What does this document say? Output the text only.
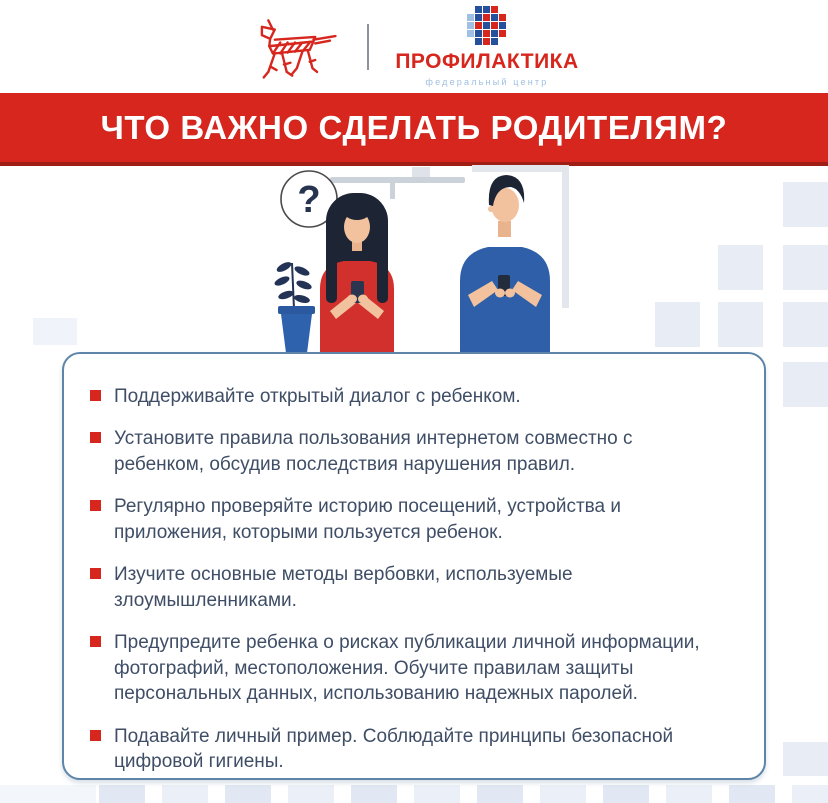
ПРОФИЛАКТИКА
федеральный центр
ЧТО ВАЖНО СДЕЛАТЬ РОДИТЕЛЯМ?
?
Поддерживайте открытый диалог с ребенком.
Установите правила пользования интернетом совместно с ребенком, обсудив последствия нарушения правил.
Регулярно проверяйте историю посещений, устройства и приложения, которыми пользуется ребенок.
Изучите основные методы вербовки, используемые злоумышленниками.
Предупредите ребенка о рисках публикации личной информации, фотографий, местоположения. Обучите правилам защиты персональных данных, использованию надежных паролей.
Подавайте личный пример. Соблюдайте принципы безопасной цифровой гигиены.
